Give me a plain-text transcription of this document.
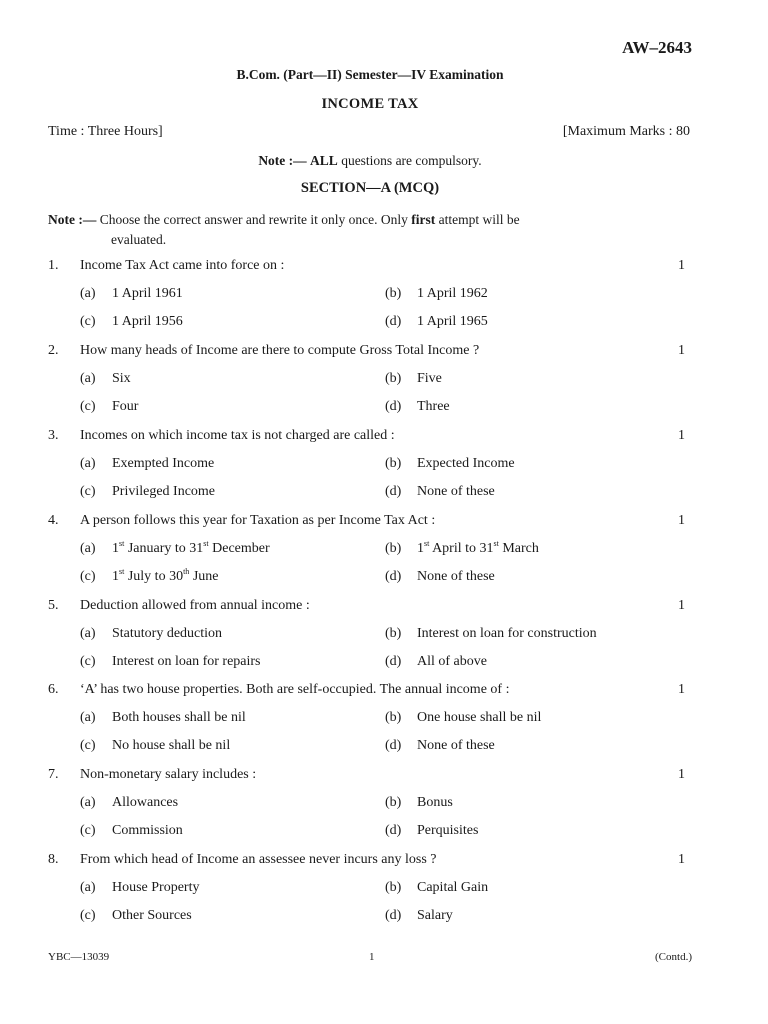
AW–2643
B.Com. (Part—II) Semester—IV Examination
INCOME TAX
Time : Three Hours]	[Maximum Marks : 80
Note :— ALL questions are compulsory.
SECTION—A (MCQ)
Note :— Choose the correct answer and rewrite it only once. Only first attempt will be
evaluated.
1. Income Tax Act came into force on :	1
(a) 1 April 1961	(b) 1 April 1962
(c) 1 April 1956	(d) 1 April 1965
2. How many heads of Income are there to compute Gross Total Income ?	1
(a) Six	(b) Five
(c) Four	(d) Three
3. Incomes on which income tax is not charged are called :	1
(a) Exempted Income	(b) Expected Income
(c) Privileged Income	(d) None of these
4. A person follows this year for Taxation as per Income Tax Act :	1
(a) 1st January to 31st December	(b) 1st April to 31st March
(c) 1st July to 30th June	(d) None of these
5. Deduction allowed from annual income :	1
(a) Statutory deduction	(b) Interest on loan for construction
(c) Interest on loan for repairs	(d) All of above
6. ‘A’ has two house properties. Both are self-occupied. The annual income of :	1
(a) Both houses shall be nil	(b) One house shall be nil
(c) No house shall be nil	(d) None of these
7. Non-monetary salary includes :	1
(a) Allowances	(b) Bonus
(c) Commission	(d) Perquisites
8. From which head of Income an assessee never incurs any loss ?	1
(a) House Property	(b) Capital Gain
(c) Other Sources	(d) Salary
YBC—13039	1	(Contd.)
